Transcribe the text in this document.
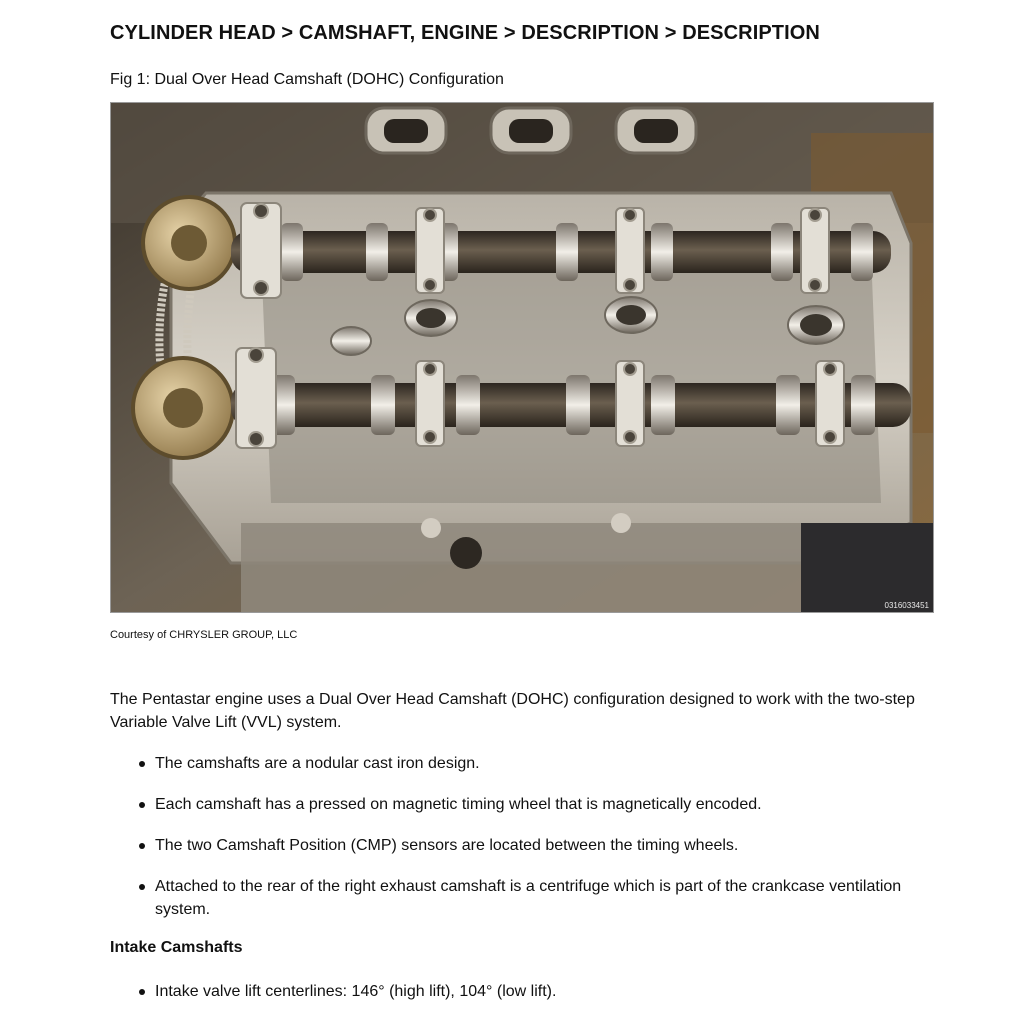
CYLINDER HEAD > CAMSHAFT, ENGINE > DESCRIPTION > DESCRIPTION
Fig 1: Dual Over Head Camshaft (DOHC) Configuration
0316033451
Courtesy of CHRYSLER GROUP, LLC

The Pentastar engine uses a Dual Over Head Camshaft (DOHC) configuration designed to work with the two-step Variable Valve Lift (VVL) system.

The camshafts are a nodular cast iron design.
Each camshaft has a pressed on magnetic timing wheel that is magnetically encoded.
The two Camshaft Position (CMP) sensors are located between the timing wheels.
Attached to the rear of the right exhaust camshaft is a centrifuge which is part of the crankcase ventilation system.
Intake Camshafts
Intake valve lift centerlines: 146° (high lift), 104° (low lift).
